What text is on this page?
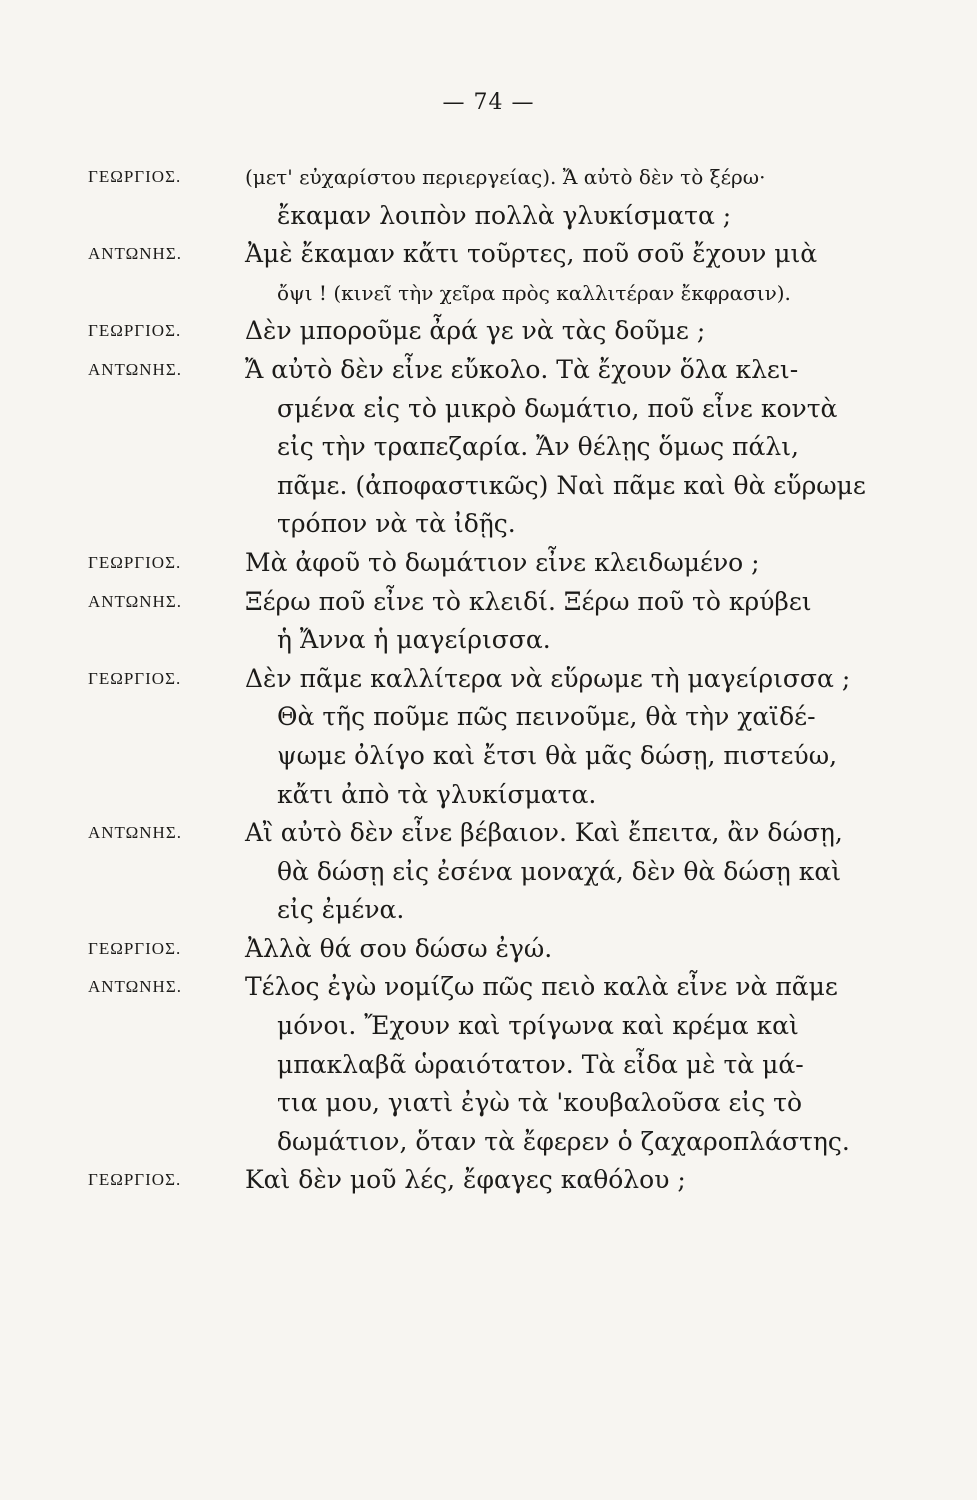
— 74 —
ΓΕΩΡΓΙΟΣ.	(μετ' εὐχαρίστου περιεργείας). Ἄ αὐτὸ δὲν τὸ ξέρω·
ἔκαμαν λοιπὸν πολλὰ γλυκίσματα ;
ΑΝΤΩΝΗΣ.	Ἀμὲ ἔκαμαν κἄτι τοῦρτες, ποῦ σοῦ ἔχουν μιὰ
ὄψι ! (κινεῖ τὴν χεῖρα πρὸς καλλιτέραν ἔκφρασιν).
ΓΕΩΡΓΙΟΣ.	Δὲν μποροῦμε ἆρά γε νὰ τὰς δοῦμε ;
ΑΝΤΩΝΗΣ.	Ἄ αὐτὸ δὲν εἶνε εὔκολο. Τὰ ἔχουν ὅλα κλει-
σμένα εἰς τὸ μικρὸ δωμάτιο, ποῦ εἶνε κοντὰ
εἰς τὴν τραπεζαρία. Ἄν θέλῃς ὅμως πάλι,
πᾶμε. (ἀποφαστικῶς) Ναὶ πᾶμε καὶ θὰ εὕρωμε
τρόπον νὰ τὰ ἰδῇς.
ΓΕΩΡΓΙΟΣ.	Μὰ ἀφοῦ τὸ δωμάτιον εἶνε κλειδωμένο ;
ΑΝΤΩΝΗΣ.	Ξέρω ποῦ εἶνε τὸ κλειδί. Ξέρω ποῦ τὸ κρύβει
ἡ Ἄννα ἡ μαγείρισσα.
ΓΕΩΡΓΙΟΣ.	Δὲν πᾶμε καλλίτερα νὰ εὕρωμε τὴ μαγείρισσα ;
Θὰ τῆς ποῦμε πῶς πεινοῦμε, θὰ τὴν χαϊδέ-
ψωμε ὀλίγο καὶ ἔτσι θὰ μᾶς δώσῃ, πιστεύω,
κἄτι ἀπὸ τὰ γλυκίσματα.
ΑΝΤΩΝΗΣ.	Αἲ αὐτὸ δὲν εἶνε βέβαιον. Καὶ ἔπειτα, ἂν δώσῃ,
θὰ δώσῃ εἰς ἐσένα μοναχά, δὲν θὰ δώσῃ καὶ
εἰς ἐμένα.
ΓΕΩΡΓΙΟΣ.	Ἀλλὰ θά σου δώσω ἐγώ.
ΑΝΤΩΝΗΣ.	Τέλος ἐγὼ νομίζω πῶς πειὸ καλὰ εἶνε νὰ πᾶμε
μόνοι. Ἔχουν καὶ τρίγωνα καὶ κρέμα καὶ
μπακλαβᾶ ὡραιότατον. Τὰ εἶδα μὲ τὰ μά-
τια μου, γιατὶ ἐγὼ τὰ 'κουβαλοῦσα εἰς τὸ
δωμάτιον, ὅταν τὰ ἔφερεν ὁ ζαχαροπλάστης.
ΓΕΩΡΓΙΟΣ.	Καὶ δὲν μοῦ λές, ἔφαγες καθόλου ;
